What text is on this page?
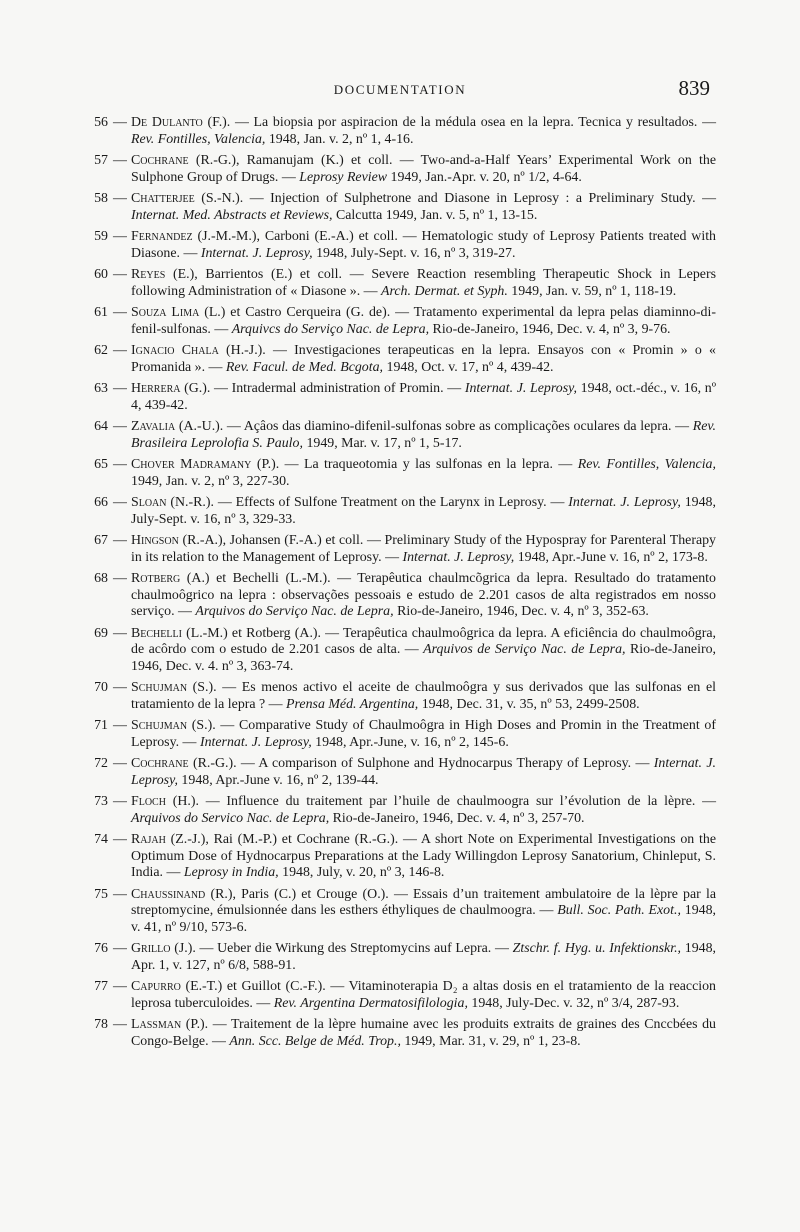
DOCUMENTATION	839
56 — De Dulanto (F.). — La biopsia por aspiracion de la médula osea en la lepra. Tecnica y resultados. — Rev. Fontilles, Valencia, 1948, Jan. v. 2, nº 1, 4-16.
57 — Cochrane (R.-G.), Ramanujam (K.) et coll. — Two-and-a-Half Years’ Experimental Work on the Sulphone Group of Drugs. — Leprosy Review 1949, Jan.-Apr. v. 20, nº 1/2, 4-64.
58 — Chatterjee (S.-N.). — Injection of Sulphetrone and Diasone in Leprosy : a Preliminary Study. — Internat. Med. Abstracts et Reviews, Calcutta 1949, Jan. v. 5, nº 1, 13-15.
59 — Fernandez (J.-M.-M.), Carboni (E.-A.) et coll. — Hematologic study of Leprosy Patients treated with Diasone. — Internat. J. Leprosy, 1948, July-Sept. v. 16, nº 3, 319-27.
60 — Reyes (E.), Barrientos (E.) et coll. — Severe Reaction resembling Therapeutic Shock in Lepers following Administration of « Diasone ». — Arch. Dermat. et Syph. 1949, Jan. v. 59, nº 1, 118-19.
61 — Souza Lima (L.) et Castro Cerqueira (G. de). — Tratamento experimental da lepra pelas diaminno-di-fenil-sulfonas. — Arquivcs do Serviço Nac. de Lepra, Rio-de-Janeiro, 1946, Dec. v. 4, nº 3, 9-76.
62 — Ignacio Chala (H.-J.). — Investigaciones terapeuticas en la lepra. Ensayos con « Promin » o « Promanida ». — Rev. Facul. de Med. Bcgota, 1948, Oct. v. 17, nº 4, 439-42.
63 — Herrera (G.). — Intradermal administration of Promin. — Internat. J. Leprosy, 1948, oct.-déc., v. 16, nº 4, 439-42.
64 — Zavalia (A.-U.). — Açâos das diamino-difenil-sulfonas sobre as complicações oculares da lepra. — Rev. Brasileira Leprolofia S. Paulo, 1949, Mar. v. 17, nº 1, 5-17.
65 — Chover Madramany (P.). — La traqueotomia y las sulfonas en la lepra. — Rev. Fontilles, Valencia, 1949, Jan. v. 2, nº 3, 227-30.
66 — Sloan (N.-R.). — Effects of Sulfone Treatment on the Larynx in Leprosy. — Internat. J. Leprosy, 1948, July-Sept. v. 16, nº 3, 329-33.
67 — Hingson (R.-A.), Johansen (F.-A.) et coll. — Preliminary Study of the Hypospray for Parenteral Therapy in its relation to the Management of Leprosy. — Internat. J. Leprosy, 1948, Apr.-June v. 16, nº 2, 173-8.
68 — Rotberg (A.) et Bechelli (L.-M.). — Terapêutica chaulmcõgrica da lepra. Resultado do tratamento chaulmoôgrico na lepra : observações pessoais e estudo de 2.201 casos de alta registrados em nosso serviço. — Arquivos do Serviço Nac. de Lepra, Rio-de-Janeiro, 1946, Dec. v. 4, nº 3, 352-63.
69 — Bechelli (L.-M.) et Rotberg (A.). — Terapêutica chaulmoôgrica da lepra. A eficiência do chaulmoôgra, de acôrdo com o estudo de 2.201 casos de alta. — Arquivos de Serviço Nac. de Lepra, Rio-de-Janeiro, 1946, Dec. v. 4. nº 3, 363-74.
70 — Schujman (S.). — Es menos activo el aceite de chaulmoôgra y sus derivados que las sulfonas en el tratamiento de la lepra ? — Prensa Méd. Argentina, 1948, Dec. 31, v. 35, nº 53, 2499-2508.
71 — Schujman (S.). — Comparative Study of Chaulmoôgra in High Doses and Promin in the Treatment of Leprosy. — Internat. J. Leprosy, 1948, Apr.-June, v. 16, nº 2, 145-6.
72 — Cochrane (R.-G.). — A comparison of Sulphone and Hydnocarpus Therapy of Leprosy. — Internat. J. Leprosy, 1948, Apr.-June v. 16, nº 2, 139-44.
73 — Floch (H.). — Influence du traitement par l’huile de chaulmoogra sur l’évolution de la lèpre. — Arquivos do Servico Nac. de Lepra, Rio-de-Janeiro, 1946, Dec. v. 4, nº 3, 257-70.
74 — Rajah (Z.-J.), Rai (M.-P.) et Cochrane (R.-G.). — A short Note on Experimental Investigations on the Optimum Dose of Hydnocarpus Preparations at the Lady Willingdon Leprosy Sanatorium, Chinleput, S. India. — Leprosy in India, 1948, July, v. 20, nº 3, 146-8.
75 — Chaussinand (R.), Paris (C.) et Crouge (O.). — Essais d’un traitement ambulatoire de la lèpre par la streptomycine, émulsionnée dans les esthers éthyliques de chaulmoogra. — Bull. Soc. Path. Exot., 1948, v. 41, nº 9/10, 573-6.
76 — Grillo (J.). — Ueber die Wirkung des Streptomycins auf Lepra. — Ztschr. f. Hyg. u. Infektionskr., 1948, Apr. 1, v. 127, nº 6/8, 588-91.
77 — Capurro (E.-T.) et Guillot (C.-F.). — Vitaminoterapia D₂ a altas dosis en el tratamiento de la reaccion leprosa tuberculoides. — Rev. Argentina Dermatosifilologia, 1948, July-Dec. v. 32, nº 3/4, 287-93.
78 — Lassman (P.). — Traitement de la lèpre humaine avec les produits extraits de graines des Cnccbées du Congo-Belge. — Ann. Scc. Belge de Méd. Trop., 1949, Mar. 31, v. 29, nº 1, 23-8.
